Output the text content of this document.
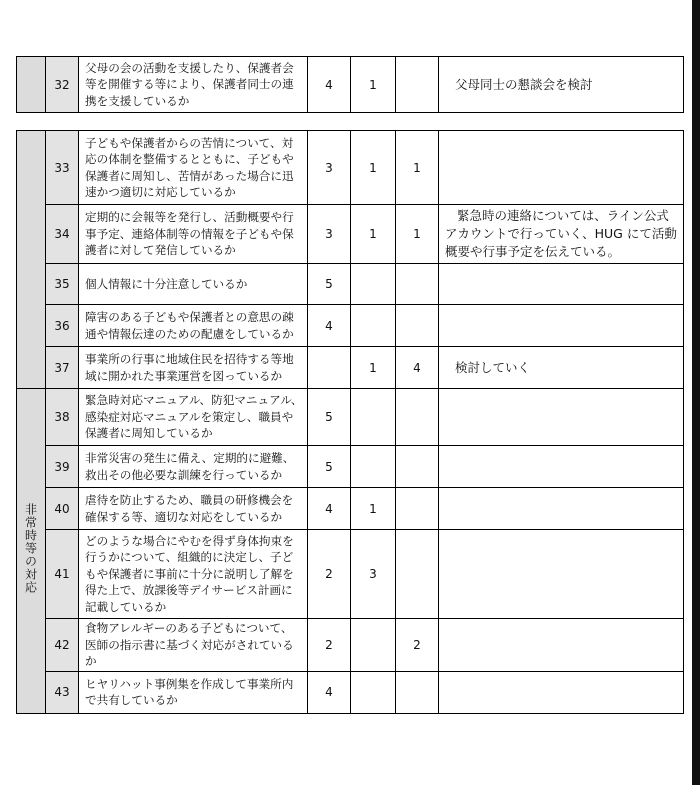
	32	父母の会の活動を支援したり、保護者会等を開催する等により、保護者同士の連携を支援しているか	4	1		父母同士の懇談会を検討
	33	子どもや保護者からの苦情について、対応の体制を整備するとともに、子どもや保護者に周知し、苦情があった場合に迅速かつ適切に対応しているか	3	1	1	
	34	定期的に会報等を発行し、活動概要や行事予定、連絡体制等の情報を子どもや保護者に対して発信しているか	3	1	1	緊急時の連絡については、ライン公式アカウントで行っていく、HUG にて活動概要や行事予定を伝えている。
	35	個人情報に十分注意しているか	5			
	36	障害のある子どもや保護者との意思の疎通や情報伝達のための配慮をしているか	4			
	37	事業所の行事に地域住民を招待する等地域に開かれた事業運営を図っているか		1	4	検討していく
非常時等の対応	38	緊急時対応マニュアル、防犯マニュアル、感染症対応マニュアルを策定し、職員や保護者に周知しているか	5			
	39	非常災害の発生に備え、定期的に避難、救出その他必要な訓練を行っているか	5			
	40	虐待を防止するため、職員の研修機会を確保する等、適切な対応をしているか	4	1		
	41	どのような場合にやむを得ず身体拘束を行うかについて、組織的に決定し、子どもや保護者に事前に十分に説明し了解を得た上で、放課後等デイサービス計画に記載しているか	2	3		
	42	食物アレルギーのある子どもについて、医師の指示書に基づく対応がされているか	2		2	
	43	ヒヤリハット事例集を作成して事業所内で共有しているか	4			
